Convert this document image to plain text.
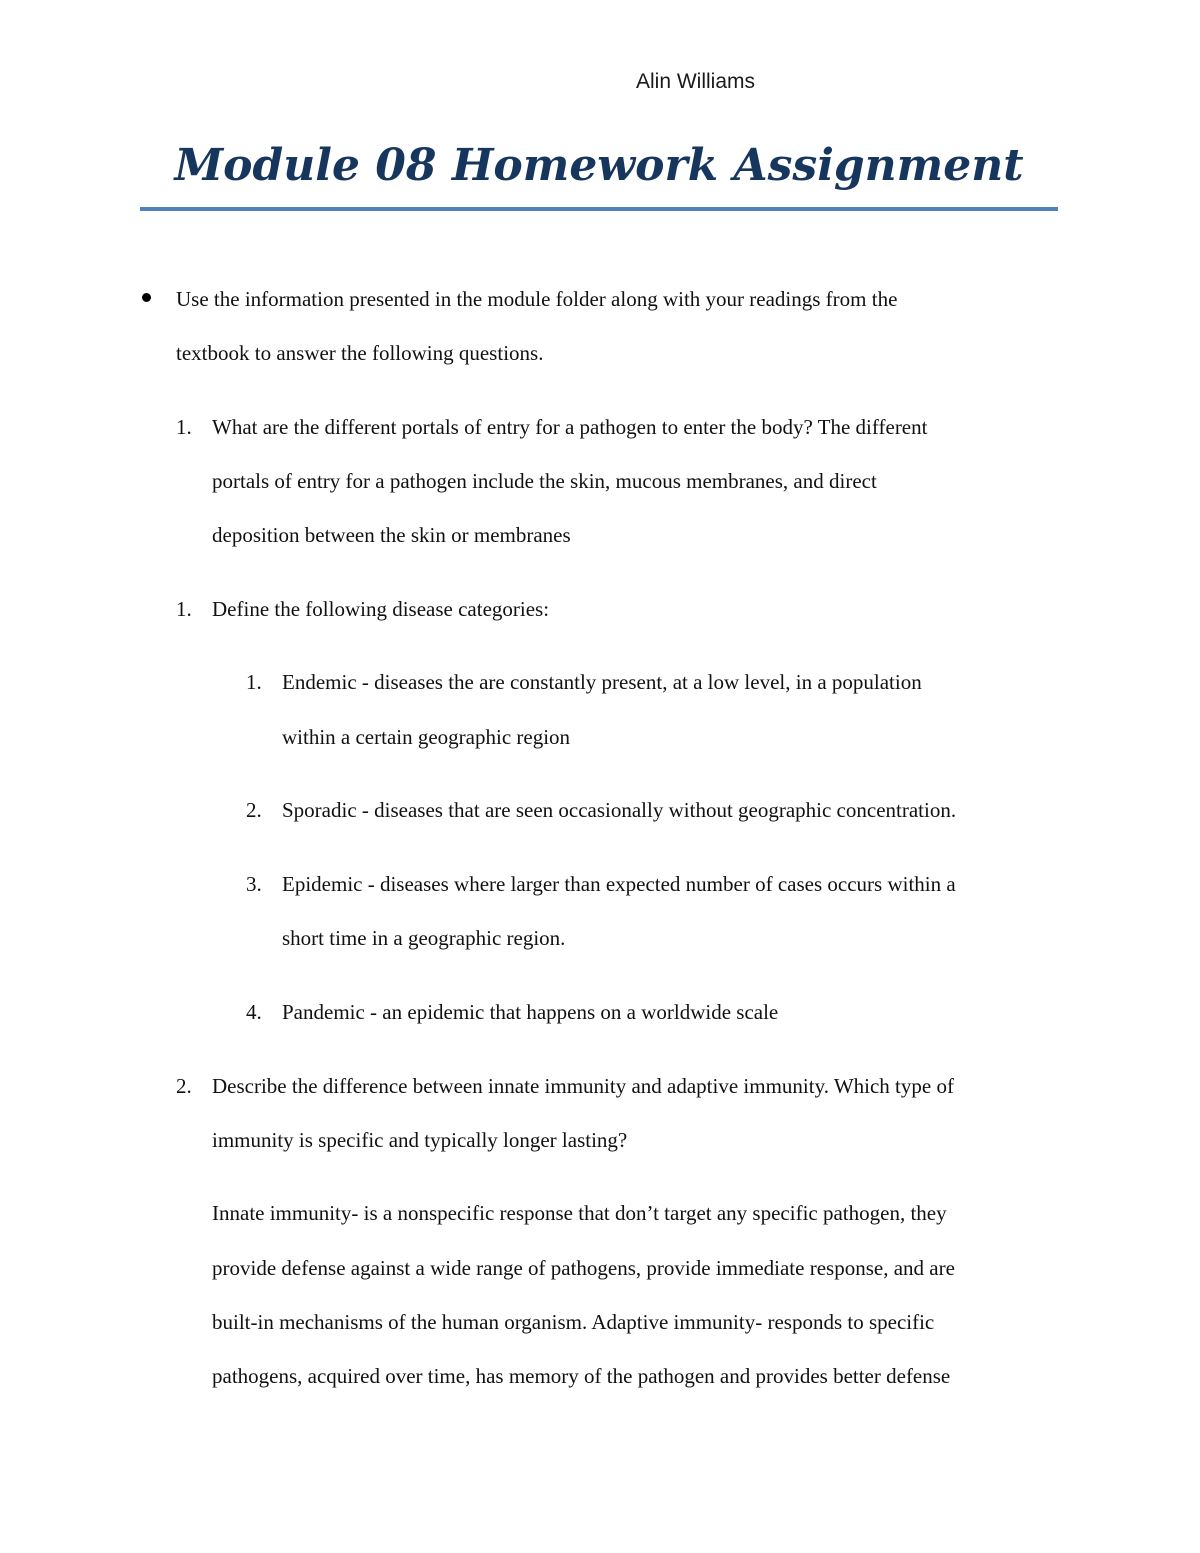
Alin Williams
Module 08 Homework Assignment
Use the information presented in the module folder along with your readings from the
textbook to answer the following questions.
1. What are the different portals of entry for a pathogen to enter the body? The different
portals of entry for a pathogen include the skin, mucous membranes, and direct
deposition between the skin or membranes
1. Define the following disease categories:
1. Endemic - diseases the are constantly present, at a low level, in a population
within a certain geographic region
2. Sporadic - diseases that are seen occasionally without geographic concentration.
3. Epidemic - diseases where larger than expected number of cases occurs within a
short time in a geographic region.
4. Pandemic - an epidemic that happens on a worldwide scale
2. Describe the difference between innate immunity and adaptive immunity. Which type of
immunity is specific and typically longer lasting?
Innate immunity- is a nonspecific response that don’t target any specific pathogen, they
provide defense against a wide range of pathogens, provide immediate response, and are
built-in mechanisms of the human organism. Adaptive immunity- responds to specific
pathogens, acquired over time, has memory of the pathogen and provides better defense
